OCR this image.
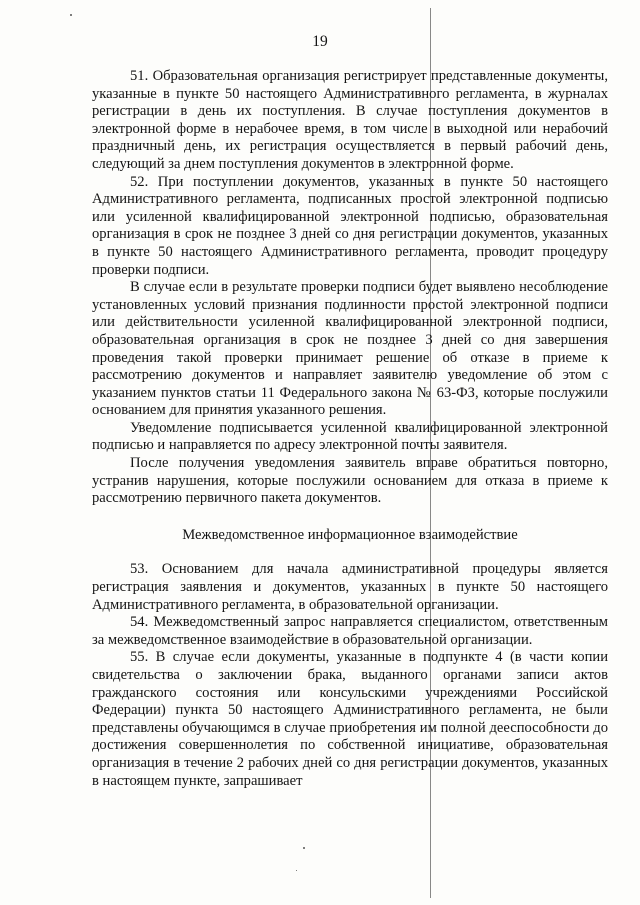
19

51. Образовательная организация регистрирует представленные документы, указанные в пункте 50 настоящего Административного регламента, в журналах регистрации в день их поступления. В случае поступления документов в электронной форме в нерабочее время, в том числе в выходной или нерабочий праздничный день, их регистрация осуществляется в первый рабочий день, следующий за днем поступления документов в электронной форме.

52. При поступлении документов, указанных в пункте 50 настоящего Административного регламента, подписанных простой электронной подписью или усиленной квалифицированной электронной подписью, образовательная организация в срок не позднее 3 дней со дня регистрации документов, указанных в пункте 50 настоящего Административного регламента, проводит процедуру проверки подписи.

В случае если в результате проверки подписи будет выявлено несоблюдение установленных условий признания подлинности простой электронной подписи или действительности усиленной квалифицированной электронной подписи, образовательная организация в срок не позднее 3 дней со дня завершения проведения такой проверки принимает решение об отказе в приеме к рассмотрению документов и направляет заявителю уведомление об этом с указанием пунктов статьи 11 Федерального закона № 63-ФЗ, которые послужили основанием для принятия указанного решения.

Уведомление подписывается усиленной квалифицированной электронной подписью и направляется по адресу электронной почты заявителя.

После получения уведомления заявитель вправе обратиться повторно, устранив нарушения, которые послужили основанием для отказа в приеме к рассмотрению первичного пакета документов.

Межведомственное информационное взаимодействие

53. Основанием для начала административной процедуры является регистрация заявления и документов, указанных в пункте 50 настоящего Административного регламента, в образовательной организации.

54. Межведомственный запрос направляется специалистом, ответственным за межведомственное взаимодействие в образовательной организации.

55. В случае если документы, указанные в подпункте 4 (в части копии свидетельства о заключении брака, выданного органами записи актов гражданского состояния или консульскими учреждениями Российской Федерации) пункта 50 настоящего Административного регламента, не были представлены обучающимся в случае приобретения им полной дееспособности до достижения совершеннолетия по собственной инициативе, образовательная организация в течение 2 рабочих дней со дня регистрации документов, указанных в настоящем пункте, запрашивает
